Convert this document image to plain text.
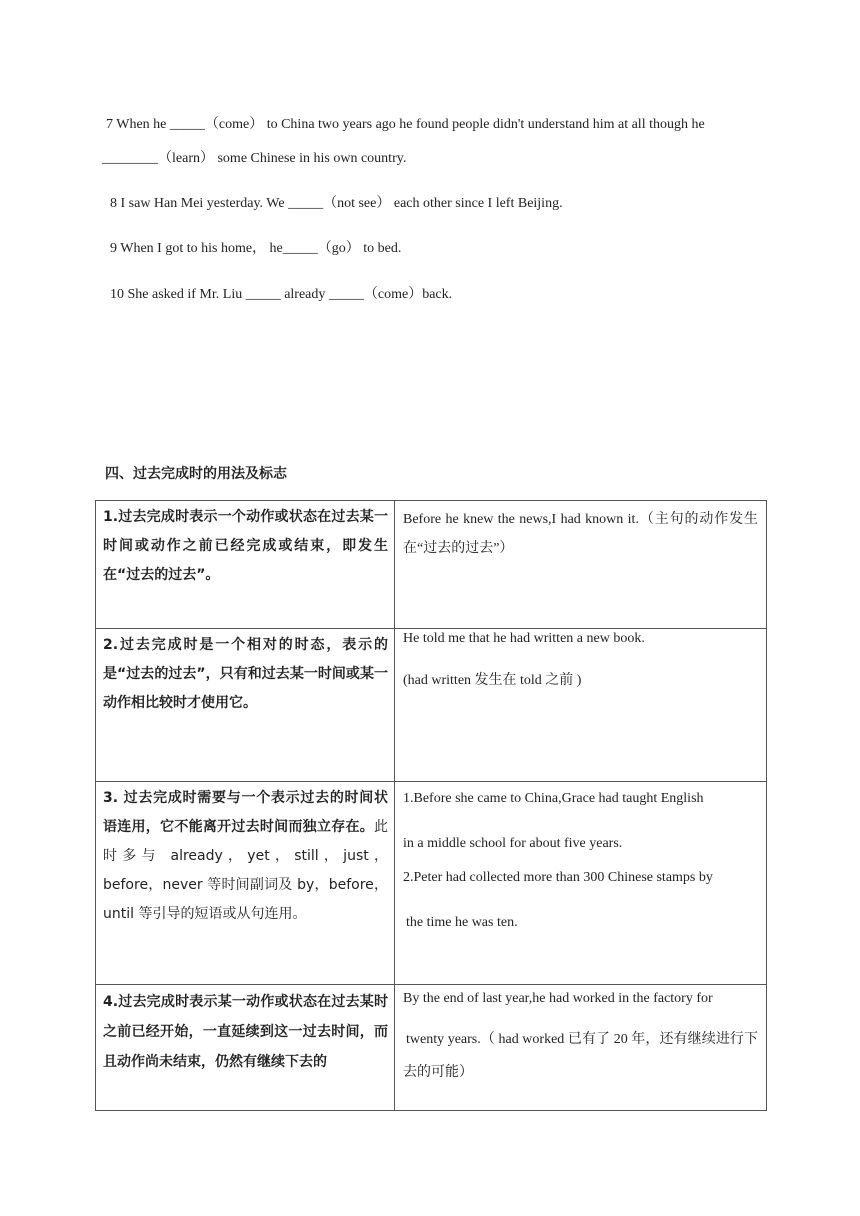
7 When he _____（come） to China two years ago he found people didn't understand him at all though he
________（learn） some Chinese in his own country.
8 I saw Han Mei yesterday. We _____（not see） each other since I left Beijing.
9 When I got to his home， he_____（go） to bed.
10 She asked if Mr. Liu _____ already _____（come）back.
四、过去完成时的用法及标志

1.过去完成时表示一个动作或状态在过去某一时间或动作之前已经完成或结束，即发生在“过去的过去”。	Before he knew the news,I had known it.（主句的动作发生在“过去的过去”）

2.过去完成时是一个相对的时态，表示的是“过去的过去”，只有和过去某一时间或某一动作相比较时才使用它。	He told me that he had written a new book.
(had written 发生在 told 之前 )

3. 过去完成时需要与一个表示过去的时间状语连用，它不能离开过去时间而独立存在。此时多与 already，yet，still，just，before，never 等时间副词及 by，before，until 等引导的短语或从句连用。	1.Before she came to China,Grace had taught English
in a middle school for about five years.
2.Peter had collected more than 300 Chinese stamps by
the time he was ten.

4.过去完成时表示某一动作或状态在过去某时之前已经开始，一直延续到这一过去时间，而且动作尚未结束，仍然有继续下去的	By the end of last year,he had worked in the factory for
twenty years.（ had worked 已有了 20 年，还有继续进行下去的可能）
